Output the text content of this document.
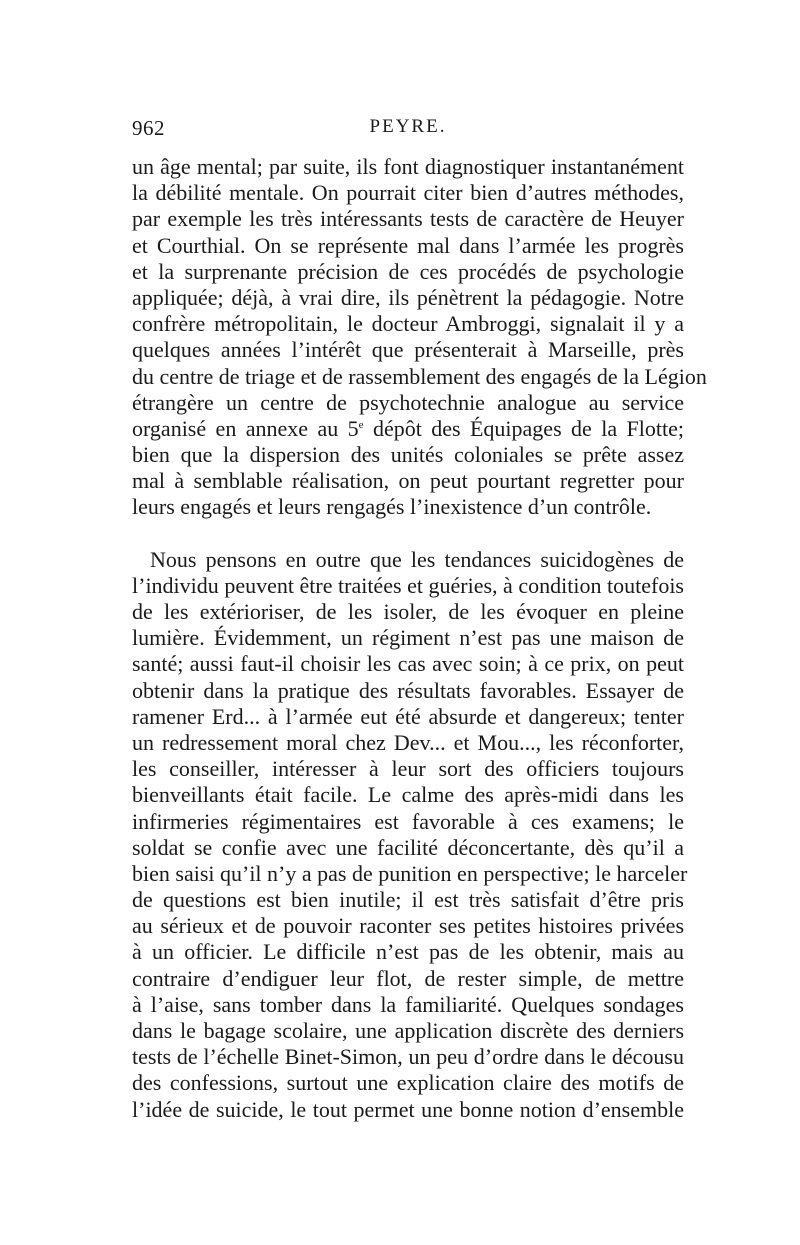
962	PEYRE.
un âge mental; par suite, ils font diagnostiquer instantanément
la débilité mentale. On pourrait citer bien d’autres méthodes,
par exemple les très intéressants tests de caractère de Heuyer
et Courthial. On se représente mal dans l’armée les progrès
et la surprenante précision de ces procédés de psychologie
appliquée; déjà, à vrai dire, ils pénètrent la pédagogie. Notre
confrère métropolitain, le docteur Ambroggi, signalait il y a
quelques années l’intérêt que présenterait à Marseille, près
du centre de triage et de rassemblement des engagés de la Légion
étrangère un centre de psychotechnie analogue au service
organisé en annexe au 5e dépôt des Équipages de la Flotte;
bien que la dispersion des unités coloniales se prête assez
mal à semblable réalisation, on peut pourtant regretter pour
leurs engagés et leurs rengagés l’inexistence d’un contrôle.
Nous pensons en outre que les tendances suicidogènes de
l’individu peuvent être traitées et guéries, à condition toutefois
de les extérioriser, de les isoler, de les évoquer en pleine
lumière. Évidemment, un régiment n’est pas une maison de
santé; aussi faut-il choisir les cas avec soin; à ce prix, on peut
obtenir dans la pratique des résultats favorables. Essayer de
ramener Erd... à l’armée eut été absurde et dangereux; tenter
un redressement moral chez Dev... et Mou..., les réconforter,
les conseiller, intéresser à leur sort des officiers toujours
bienveillants était facile. Le calme des après-midi dans les
infirmeries régimentaires est favorable à ces examens; le
soldat se confie avec une facilité déconcertante, dès qu’il a
bien saisi qu’il n’y a pas de punition en perspective; le harceler
de questions est bien inutile; il est très satisfait d’être pris
au sérieux et de pouvoir raconter ses petites histoires privées
à un officier. Le difficile n’est pas de les obtenir, mais au
contraire d’endiguer leur flot, de rester simple, de mettre
à l’aise, sans tomber dans la familiarité. Quelques sondages
dans le bagage scolaire, une application discrète des derniers
tests de l’échelle Binet-Simon, un peu d’ordre dans le décousu
des confessions, surtout une explication claire des motifs de
l’idée de suicide, le tout permet une bonne notion d’ensemble
